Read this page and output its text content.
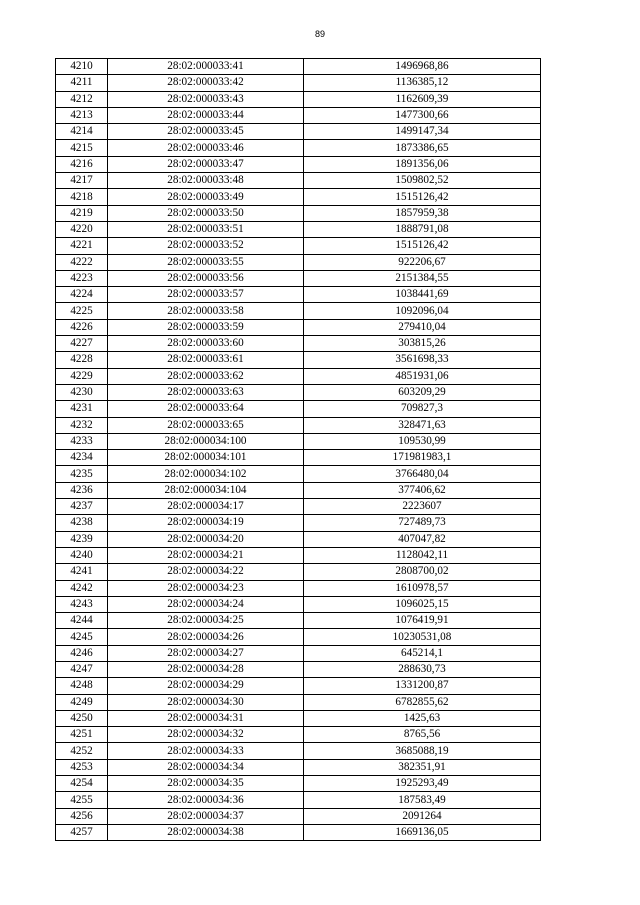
89
4210	28:02:000033:41	1496968,86
4211	28:02:000033:42	1136385,12
4212	28:02:000033:43	1162609,39
4213	28:02:000033:44	1477300,66
4214	28:02:000033:45	1499147,34
4215	28:02:000033:46	1873386,65
4216	28:02:000033:47	1891356,06
4217	28:02:000033:48	1509802,52
4218	28:02:000033:49	1515126,42
4219	28:02:000033:50	1857959,38
4220	28:02:000033:51	1888791,08
4221	28:02:000033:52	1515126,42
4222	28:02:000033:55	922206,67
4223	28:02:000033:56	2151384,55
4224	28:02:000033:57	1038441,69
4225	28:02:000033:58	1092096,04
4226	28:02:000033:59	279410,04
4227	28:02:000033:60	303815,26
4228	28:02:000033:61	3561698,33
4229	28:02:000033:62	4851931,06
4230	28:02:000033:63	603209,29
4231	28:02:000033:64	709827,3
4232	28:02:000033:65	328471,63
4233	28:02:000034:100	109530,99
4234	28:02:000034:101	171981983,1
4235	28:02:000034:102	3766480,04
4236	28:02:000034:104	377406,62
4237	28:02:000034:17	2223607
4238	28:02:000034:19	727489,73
4239	28:02:000034:20	407047,82
4240	28:02:000034:21	1128042,11
4241	28:02:000034:22	2808700,02
4242	28:02:000034:23	1610978,57
4243	28:02:000034:24	1096025,15
4244	28:02:000034:25	1076419,91
4245	28:02:000034:26	10230531,08
4246	28:02:000034:27	645214,1
4247	28:02:000034:28	288630,73
4248	28:02:000034:29	1331200,87
4249	28:02:000034:30	6782855,62
4250	28:02:000034:31	1425,63
4251	28:02:000034:32	8765,56
4252	28:02:000034:33	3685088,19
4253	28:02:000034:34	382351,91
4254	28:02:000034:35	1925293,49
4255	28:02:000034:36	187583,49
4256	28:02:000034:37	2091264
4257	28:02:000034:38	1669136,05
